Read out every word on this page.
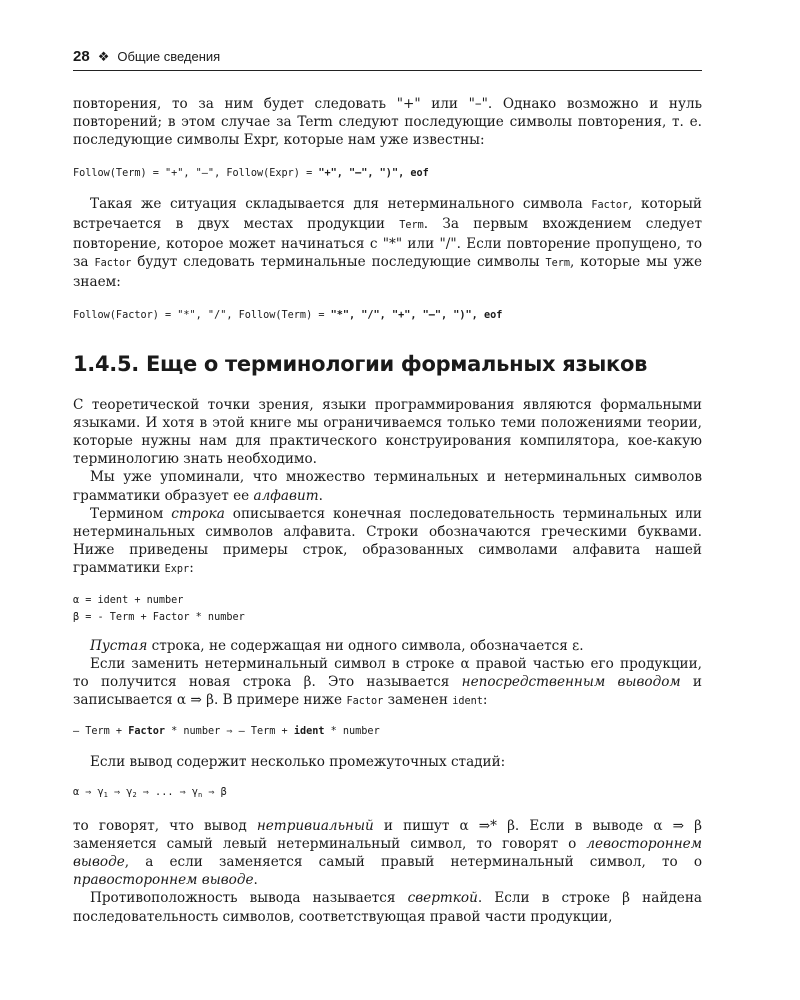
28 ❖ Общие сведения

повторения, то за ним будет следовать "+" или "–". Однако возможно и нуль повторений; в этом случае за Term следуют последующие символы повторения, т. е. последующие символы Expr, которые нам уже известны:

Follow(Term) = "+", "–", Follow(Expr) = "+", "–", ")", eof

Такая же ситуация складывается для нетерминального символа Factor, который встречается в двух местах продукции Term. За первым вхождением следует повторение, которое может начинаться с "*" или "/". Если повторение пропущено, то за Factor будут следовать терминальные последующие символы Term, которые мы уже знаем:

Follow(Factor) = "*", "/", Follow(Term) = "*", "/", "+", "–", ")", eof
1.4.5. Еще о терминологии формальных языков

С теоретической точки зрения, языки программирования являются формальными языками. И хотя в этой книге мы ограничиваемся только теми положениями теории, которые нужны нам для практического конструирования компилятора, кое-какую терминологию знать необходимо.

Мы уже упоминали, что множество терминальных и нетерминальных символов грамматики образует ее алфавит.

Термином строка описывается конечная последовательность терминальных или нетерминальных символов алфавита. Строки обозначаются греческими буквами. Ниже приведены примеры строк, образованных символами алфавита нашей грамматики Expr:

α = ident + number
β = - Term + Factor * number

Пустая строка, не содержащая ни одного символа, обозначается ε.

Если заменить нетерминальный символ в строке α правой частью его продукции, то получится новая строка β. Это называется непосредственным выводом и записывается α ⇒ β. В примере ниже Factor заменен ident:

– Term + Factor * number ⇒ – Term + ident * number

Если вывод содержит несколько промежуточных стадий:

α ⇒ $\gamma_1$ ⇒ $\gamma_2$ ⇒ ... ⇒ $\gamma_n$ ⇒ β

то говорят, что вывод нетривиальный и пишут α ⇒* β. Если в выводе α ⇒ β заменяется самый левый нетерминальный символ, то говорят о левостороннем выводе, а если заменяется самый правый нетерминальный символ, то о правостороннем выводе.

Противоположность вывода называется сверткой. Если в строке β найдена последовательность символов, соответствующая правой части продукции,
